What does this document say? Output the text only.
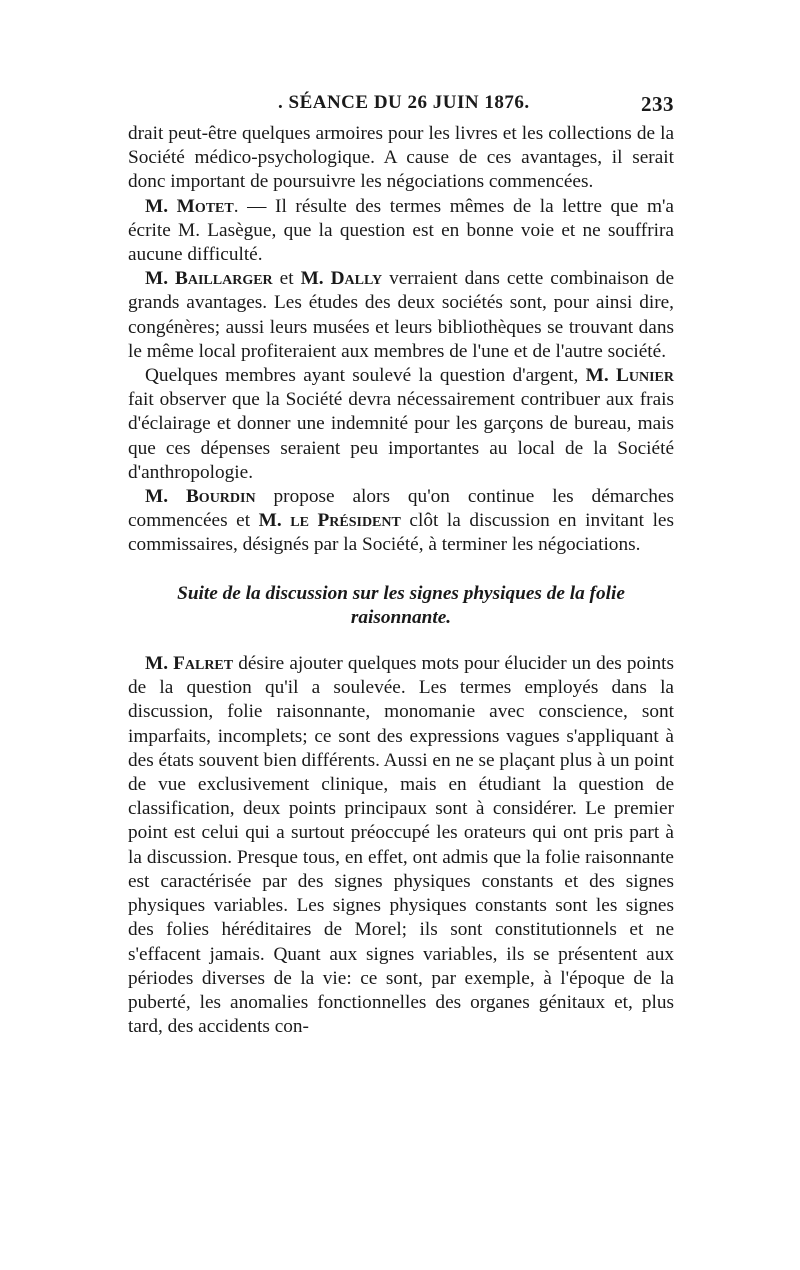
. SÉANCE DU 26 JUIN 1876.	233

drait peut-être quelques armoires pour les livres et les collections de la Société médico-psychologique. A cause de ces avantages, il serait donc important de poursuivre les négociations commencées.

M. Motet. — Il résulte des termes mêmes de la lettre que m'a écrite M. Lasègue, que la question est en bonne voie et ne souffrira aucune difficulté.

M. Baillarger et M. Dally verraient dans cette combinaison de grands avantages. Les études des deux sociétés sont, pour ainsi dire, congénères; aussi leurs musées et leurs bibliothèques se trouvant dans le même local profiteraient aux membres de l'une et de l'autre société.

Quelques membres ayant soulevé la question d'argent, M. Lunier fait observer que la Société devra nécessairement contribuer aux frais d'éclairage et donner une indemnité pour les garçons de bureau, mais que ces dépenses seraient peu importantes au local de la Société d'anthropologie.

M. Bourdin propose alors qu'on continue les démarches commencées et M. le Président clôt la discussion en invitant les commissaires, désignés par la Société, à terminer les négociations.

Suite de la discussion sur les signes physiques de la folie
raisonnante.

M. Falret désire ajouter quelques mots pour élucider un des points de la question qu'il a soulevée. Les termes employés dans la discussion, folie raisonnante, monomanie avec conscience, sont imparfaits, incomplets; ce sont des expressions vagues s'appliquant à des états souvent bien différents. Aussi en ne se plaçant plus à un point de vue exclusivement clinique, mais en étudiant la question de classification, deux points principaux sont à considérer. Le premier point est celui qui a surtout préoccupé les orateurs qui ont pris part à la discussion. Presque tous, en effet, ont admis que la folie raisonnante est caractérisée par des signes physiques constants et des signes physiques variables. Les signes physiques constants sont les signes des folies héréditaires de Morel; ils sont constitutionnels et ne s'effacent jamais. Quant aux signes variables, ils se présentent aux périodes diverses de la vie: ce sont, par exemple, à l'époque de la puberté, les anomalies fonctionnelles des organes génitaux et, plus tard, des accidents con-
